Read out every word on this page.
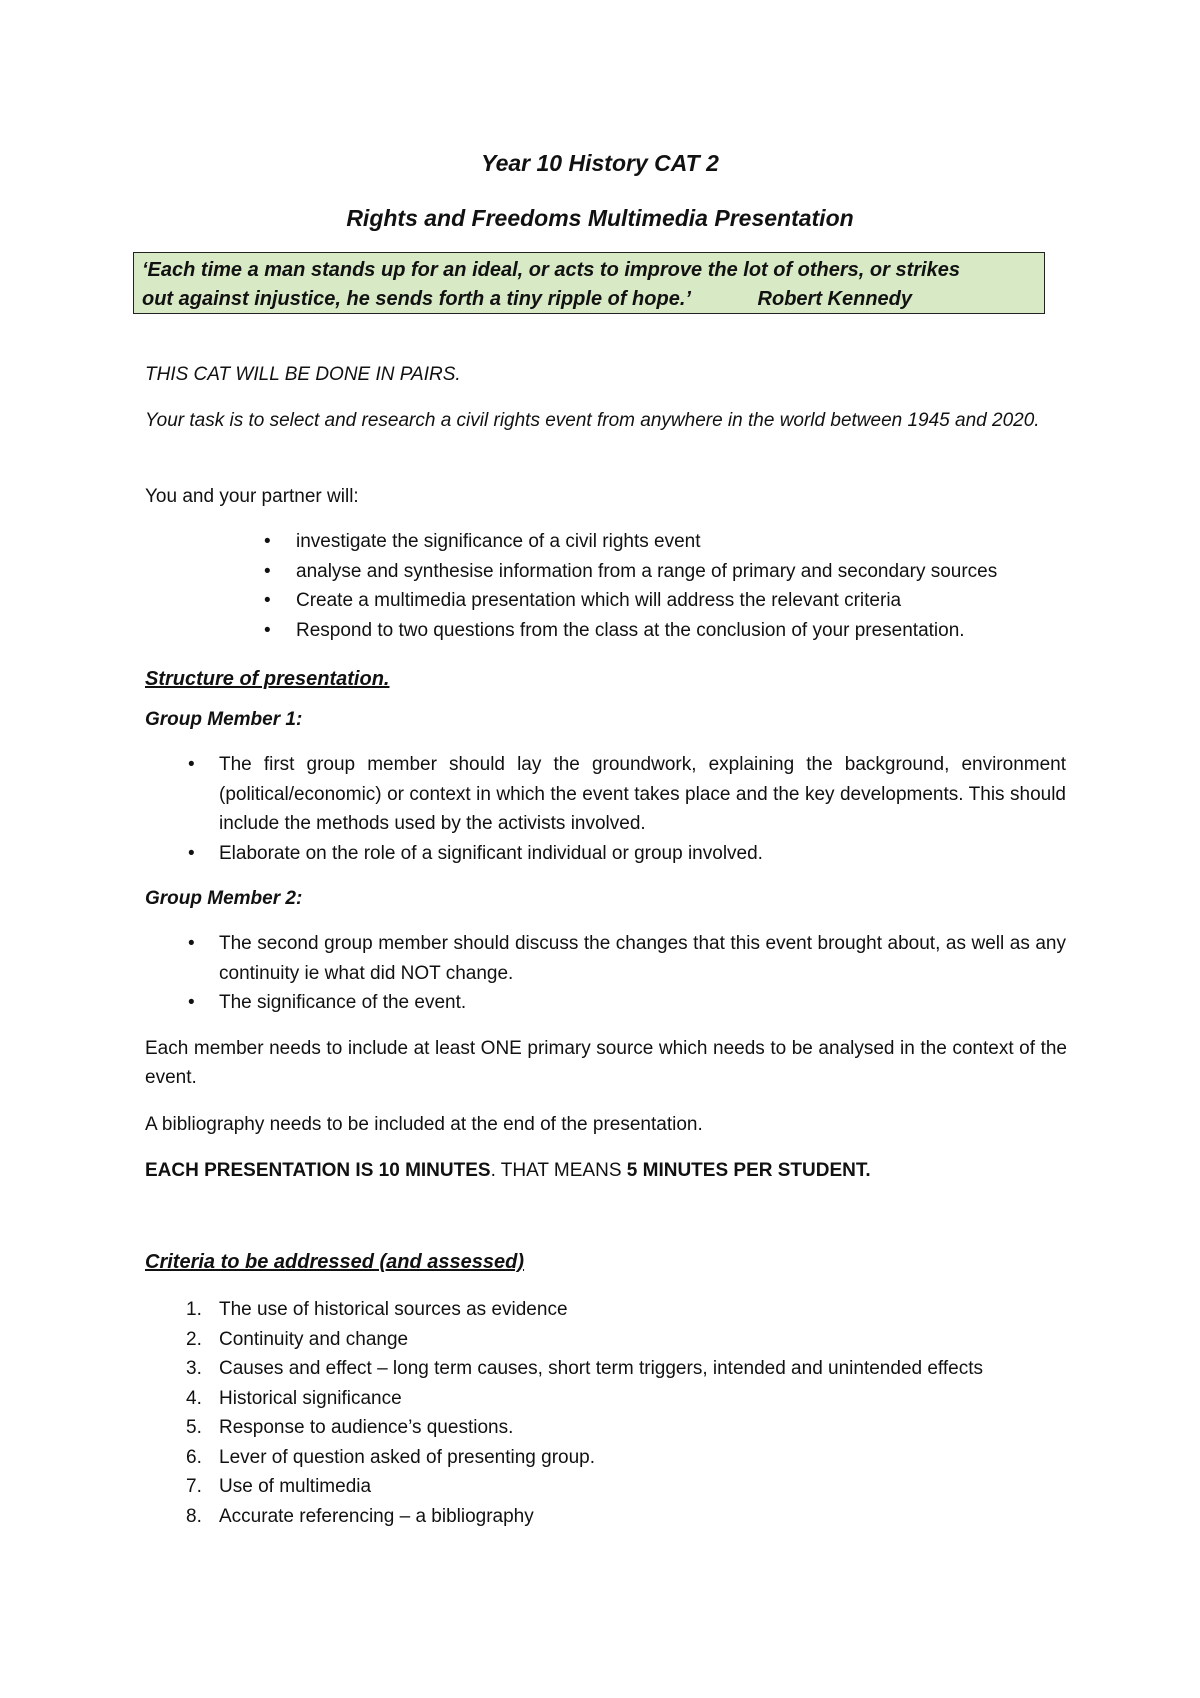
Year 10 History CAT 2
Rights and Freedoms Multimedia Presentation
‘Each time a man stands up for an ideal, or acts to improve the lot of others, or strikes
out against injustice, he sends forth a tiny ripple of hope.’	Robert Kennedy

THIS CAT WILL BE DONE IN PAIRS.

Your task is to select and research a civil rights event from anywhere in the world between 1945 and 2020.

You and your partner will:

• investigate the significance of a civil rights event
• analyse and synthesise information from a range of primary and secondary sources
• Create a multimedia presentation which will address the relevant criteria
• Respond to two questions from the class at the conclusion of your presentation.
Structure of presentation.

Group Member 1:

• The first group member should lay the groundwork, explaining the background, environment (political/economic) or context in which the event takes place and the key developments. This should include the methods used by the activists involved.
• Elaborate on the role of a significant individual or group involved.

Group Member 2:

• The second group member should discuss the changes that this event brought about, as well as any continuity ie what did NOT change.
• The significance of the event.

Each member needs to include at least ONE primary source which needs to be analysed in the context of the event.

A bibliography needs to be included at the end of the presentation.

EACH PRESENTATION IS 10 MINUTES. THAT MEANS 5 MINUTES PER STUDENT.

Criteria to be addressed (and assessed)
1. The use of historical sources as evidence
2. Continuity and change
3. Causes and effect – long term causes, short term triggers, intended and unintended effects
4. Historical significance
5. Response to audience’s questions.
6. Lever of question asked of presenting group.
7. Use of multimedia
8. Accurate referencing – a bibliography
